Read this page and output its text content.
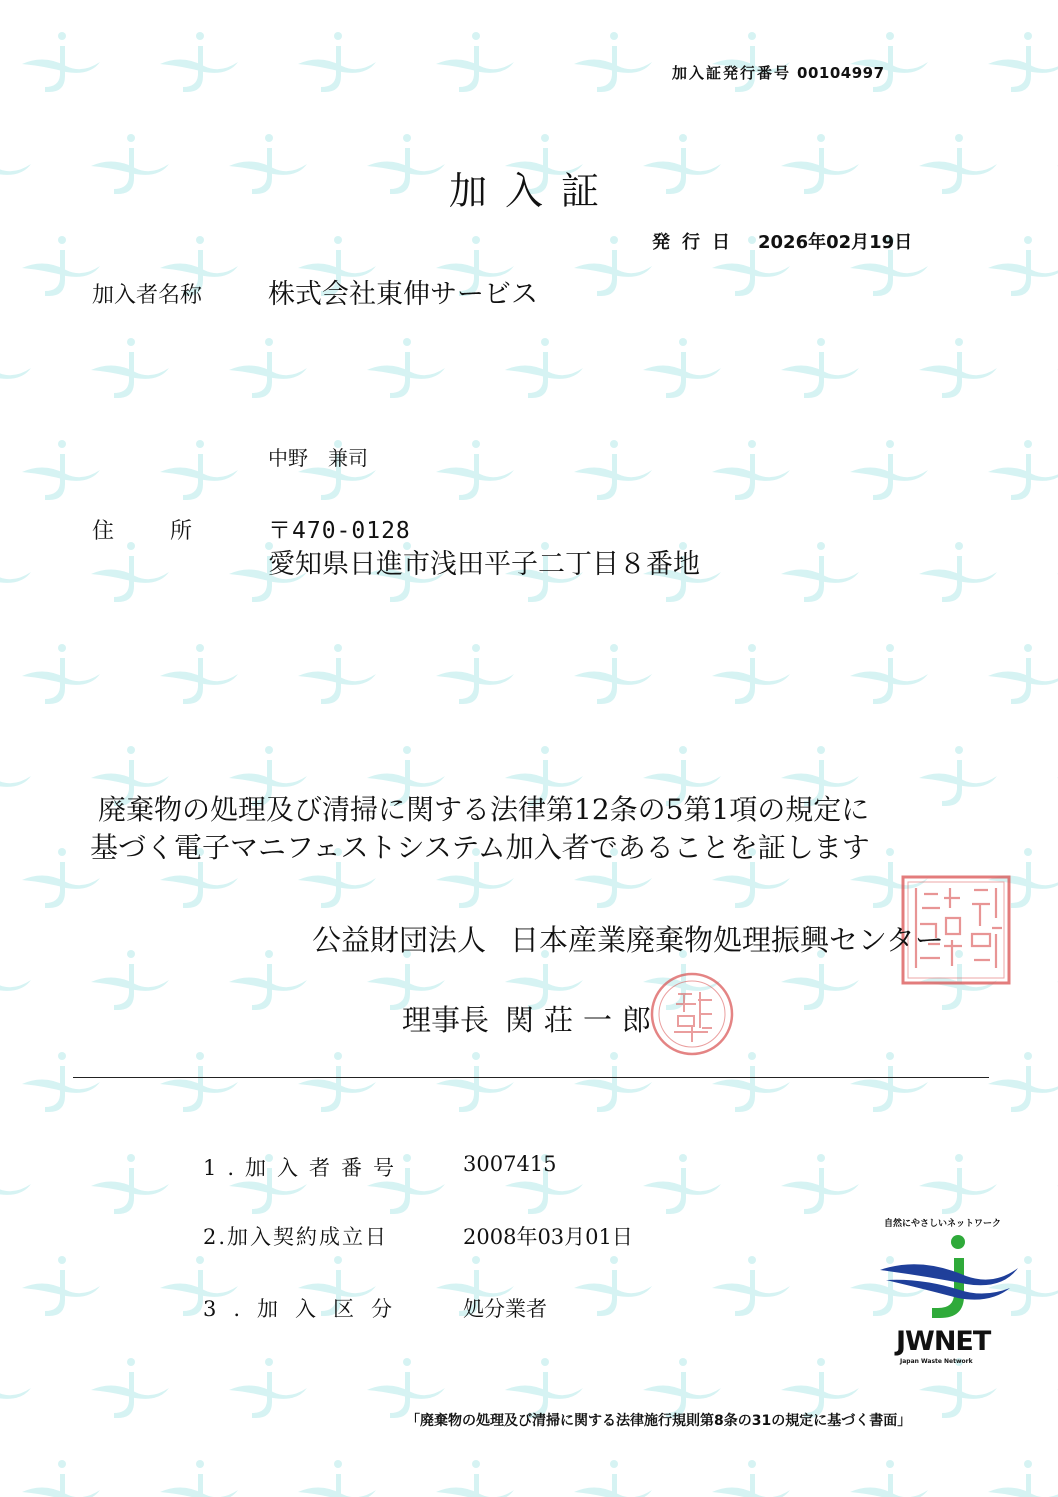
加入証発行番号 00104997
加入証
発行日 2026年02月19日
加入者名称 株式会社東伸サービス
中野　兼司
住所 〒470-0128
愛知県日進市浅田平子二丁目８番地
廃棄物の処理及び清掃に関する法律第12条の5第1項の規定に
基づく電子マニフェストシステム加入者であることを証します
公益財団法人 日本産業廃棄物処理振興センター
理事長 関荘一郎
1.加入者番号	3007415
2.加入契約成立日	2008年03月01日
3.加入区分	処分業者
自然にやさしいネットワーク
JWNET
Japan Waste Network
「廃棄物の処理及び清掃に関する法律施行規則第8条の31の規定に基づく書面」
